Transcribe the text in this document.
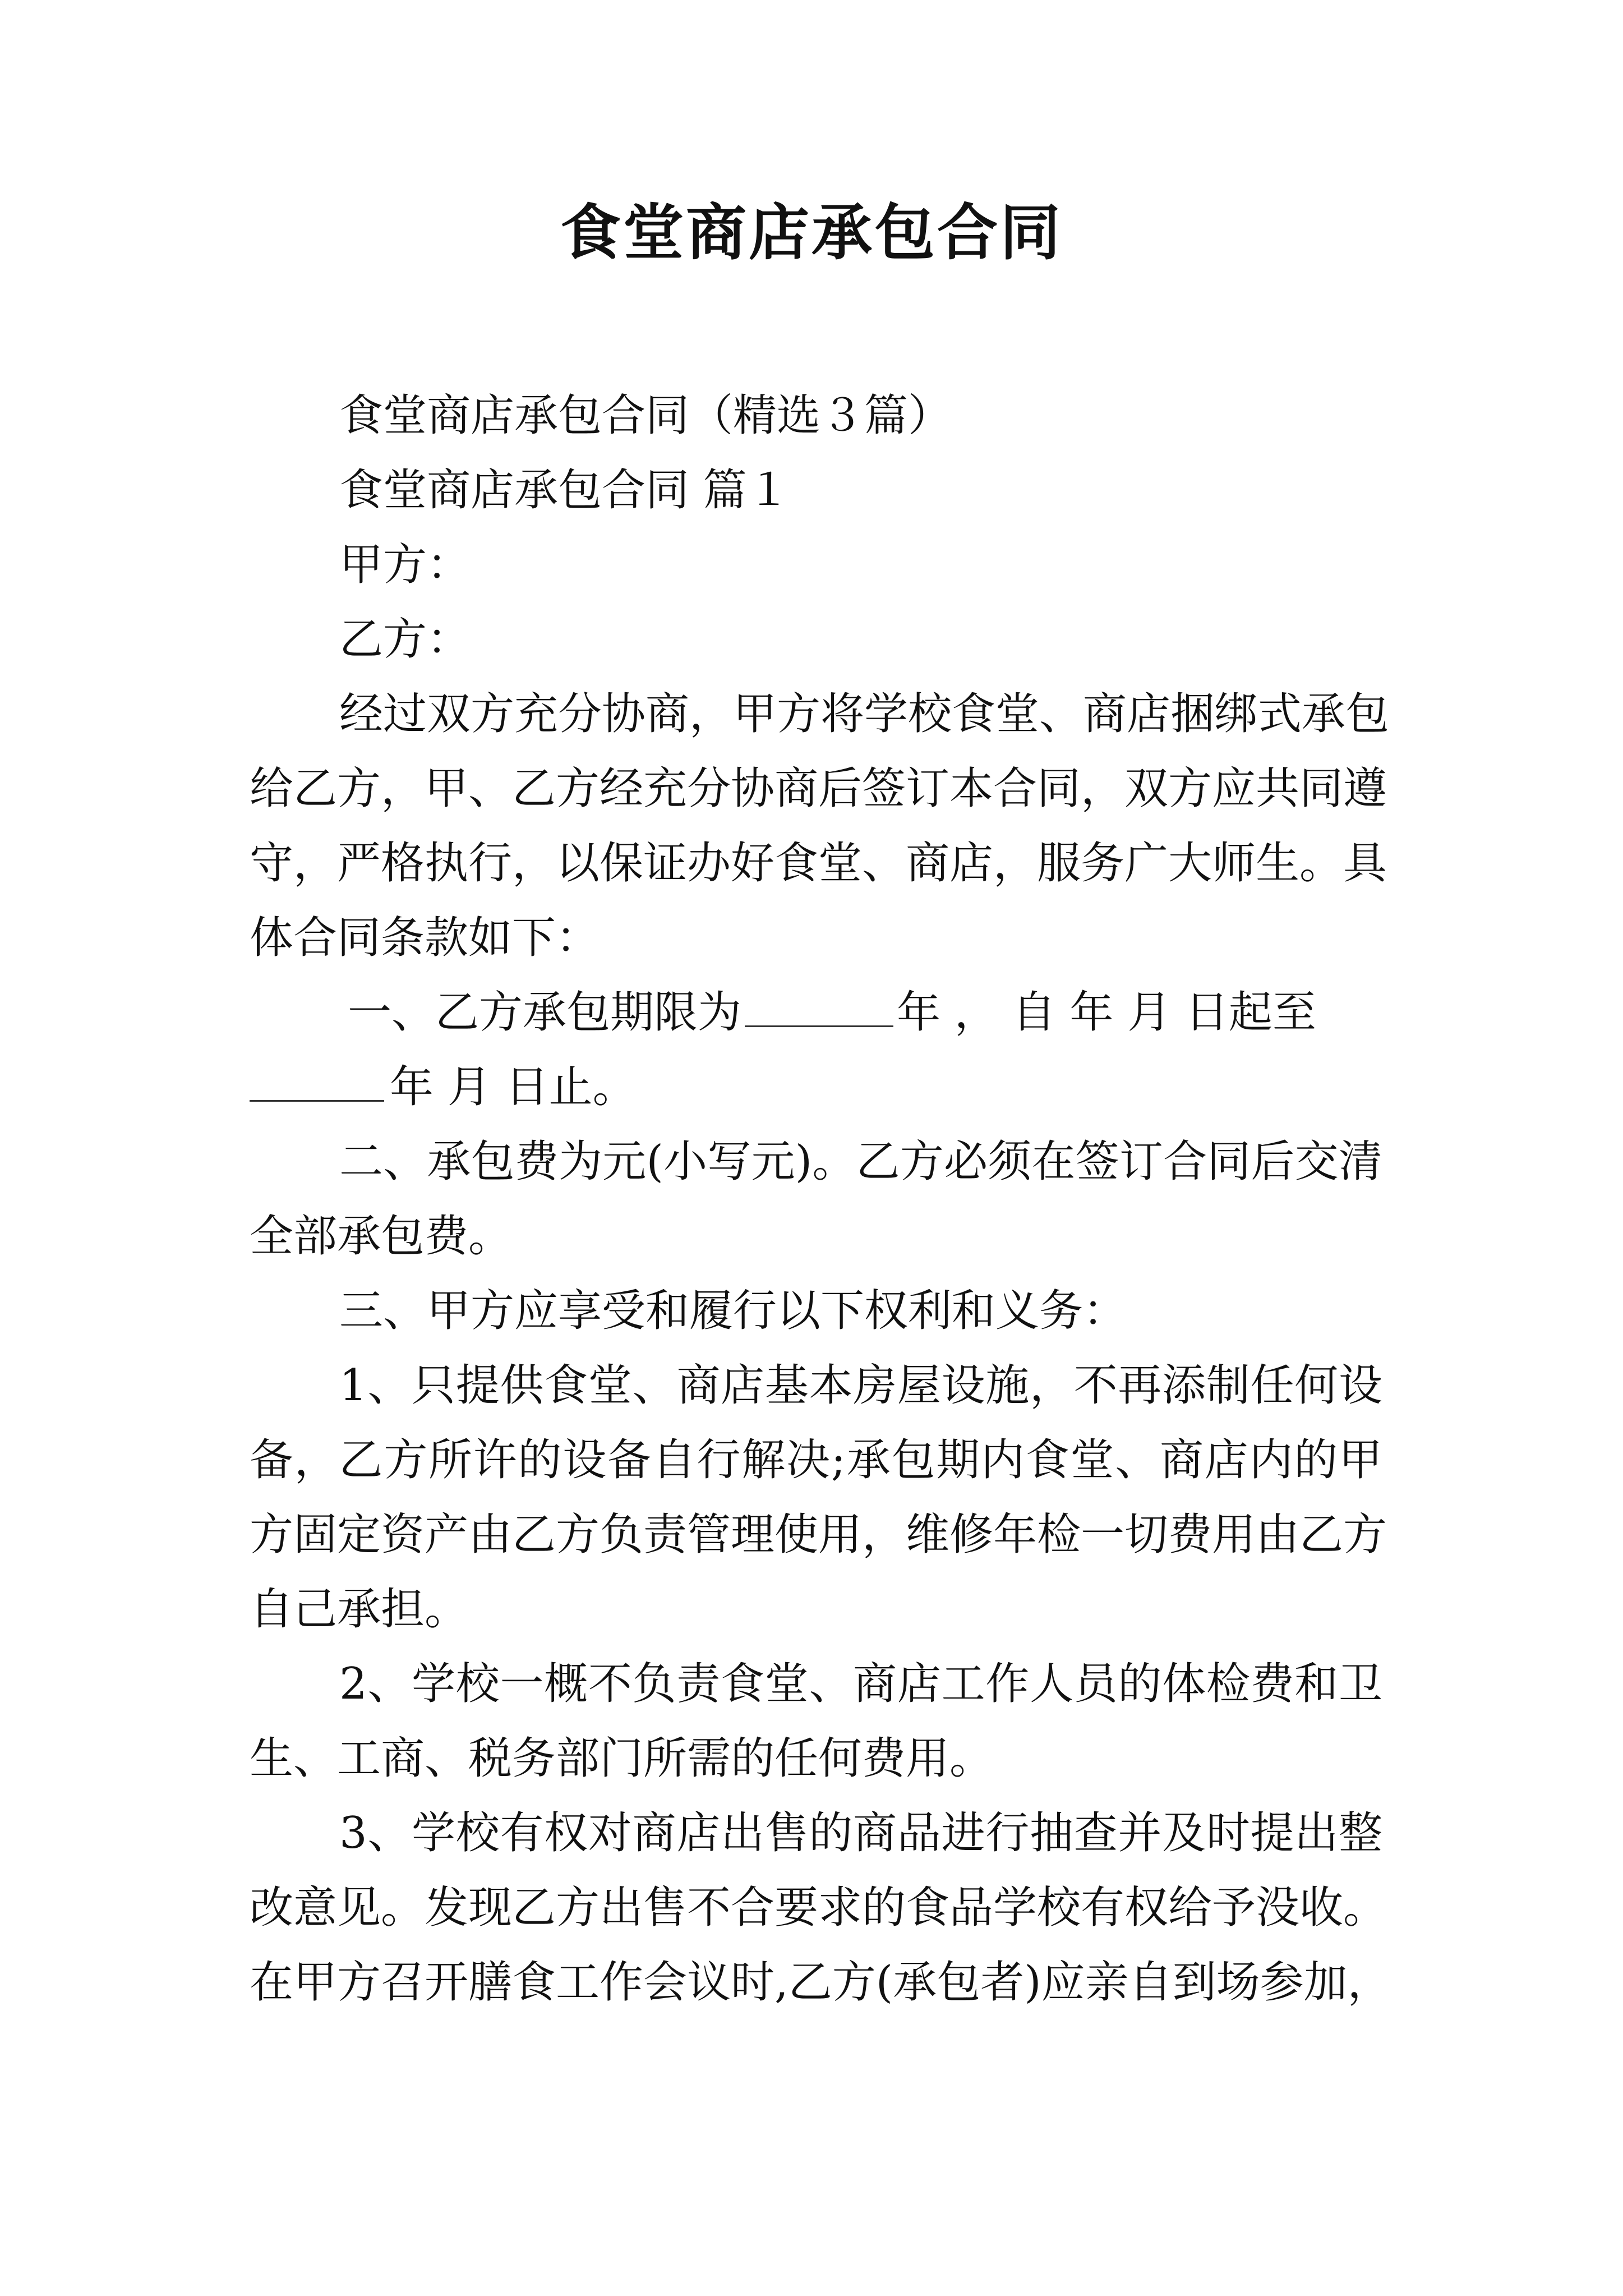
食堂商店承包合同
食堂商店承包合同（精选３篇）
食堂商店承包合同 篇１
甲方：
乙方：
经过双方充分协商，甲方将学校食堂、商店捆绑式承包
给乙方，甲、乙方经充分协商后签订本合同，双方应共同遵
守，严格执行，以保证办好食堂、商店，服务广大师生。具
体合同条款如下：
一、乙方承包期限为	年 ， 自 年 月 日起至
年 月 日止。
二、承包费为元(小写元)。乙方必须在签订合同后交清
全部承包费。
三、甲方应享受和履行以下权利和义务：
1、只提供食堂、商店基本房屋设施，不再添制任何设
备，乙方所许的设备自行解决;承包期内食堂、商店内的甲
方固定资产由乙方负责管理使用，维修年检一切费用由乙方
自己承担。
2、学校一概不负责食堂、商店工作人员的体检费和卫
生、工商、税务部门所需的任何费用。
3、学校有权对商店出售的商品进行抽查并及时提出整
改意见。发现乙方出售不合要求的食品学校有权给予没收。
在甲方召开膳食工作会议时,乙方(承包者)应亲自到场参加，
